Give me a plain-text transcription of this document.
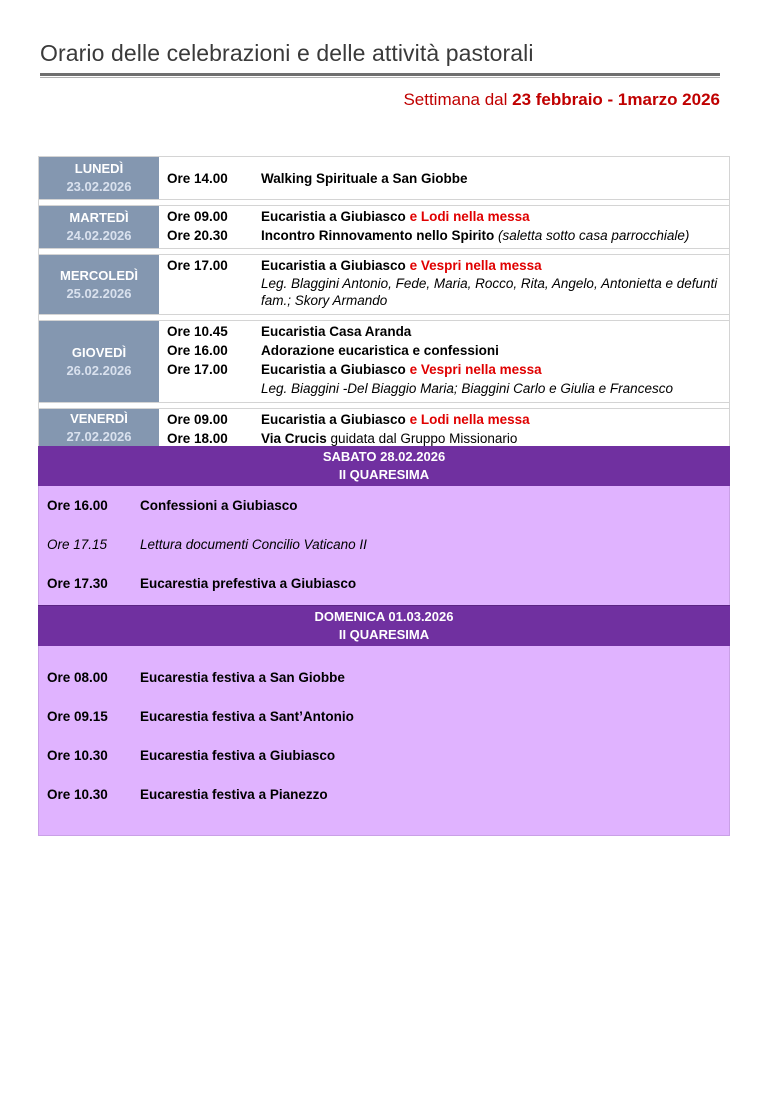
Orario delle celebrazioni e delle attività pastorali
Settimana dal 23 febbraio - 1marzo 2026
LUNEDÌ
23.02.2026
Ore 14.00	Walking Spirituale a San Giobbe
MARTEDÌ
24.02.2026
Ore 09.00	Eucaristia a Giubiasco e Lodi nella messa
Ore 20.30	Incontro Rinnovamento nello Spirito (saletta sotto casa parrocchiale)
MERCOLEDÌ
25.02.2026
Ore 17.00	Eucaristia a Giubiasco e Vespri nella messa
Leg. Blaggini Antonio, Fede, Maria, Rocco, Rita, Angelo, Antonietta e defunti fam.; Skory Armando
GIOVEDÌ
26.02.2026
Ore 10.45	Eucaristia Casa Aranda
Ore 16.00	Adorazione eucaristica e confessioni
Ore 17.00	Eucaristia a Giubiasco e Vespri nella messa
Leg. Biaggini -Del Biaggio Maria; Biaggini Carlo e Giulia e Francesco
VENERDÌ
27.02.2026
Ore 09.00	Eucaristia a Giubiasco e Lodi nella messa
Ore 18.00	Via Crucis guidata dal Gruppo Missionario
SABATO 28.02.2026
II QUARESIMA
Ore 16.00	Confessioni a Giubiasco
Ore 17.15	Lettura documenti Concilio Vaticano II
Ore 17.30	Eucarestia prefestiva a Giubiasco
DOMENICA 01.03.2026
II QUARESIMA
Ore 08.00	Eucarestia festiva a San Giobbe
Ore 09.15	Eucarestia festiva a Sant’Antonio
Ore 10.30	Eucarestia festiva a Giubiasco
Ore 10.30	Eucarestia festiva a Pianezzo
